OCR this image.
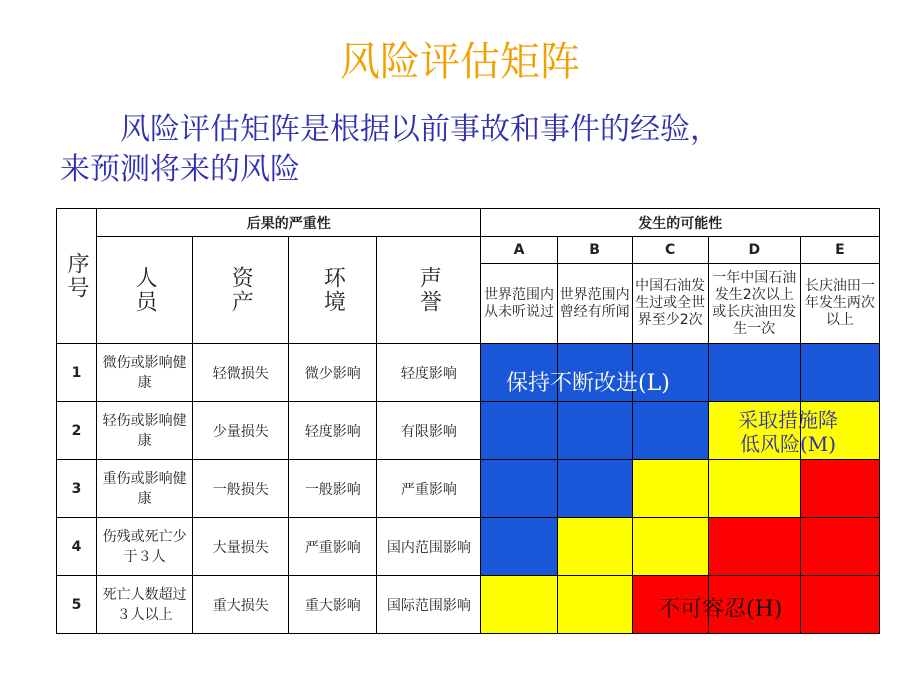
风险评估矩阵
风险评估矩阵是根据以前事故和事件的经验，
来预测将来的风险
序号	后果的严重性				发生的可能性				

	人员	资产	环境	声誉	A	B	C	D	E
					世界范围内从未听说过	世界范围内曾经有所闻	中国石油发生过或全世界至少2次	一年中国石油发生2次以上或长庆油田发生一次	长庆油田一年发生两次以上
1	微伤或影响健康	轻微损失	微少影响	轻度影响					
2	轻伤或影响健康	少量损失	轻度影响	有限影响					
3	重伤或影响健康	一般损失	一般影响	严重影响					
4	伤残或死亡少于３人	大量损失	严重影响	国内范围影响					
5	死亡人数超过３人以上	重大损失	重大影响	国际范围影响					
保持不断改进(L)
采取措施降
低风险(M)
不可容忍(H)
